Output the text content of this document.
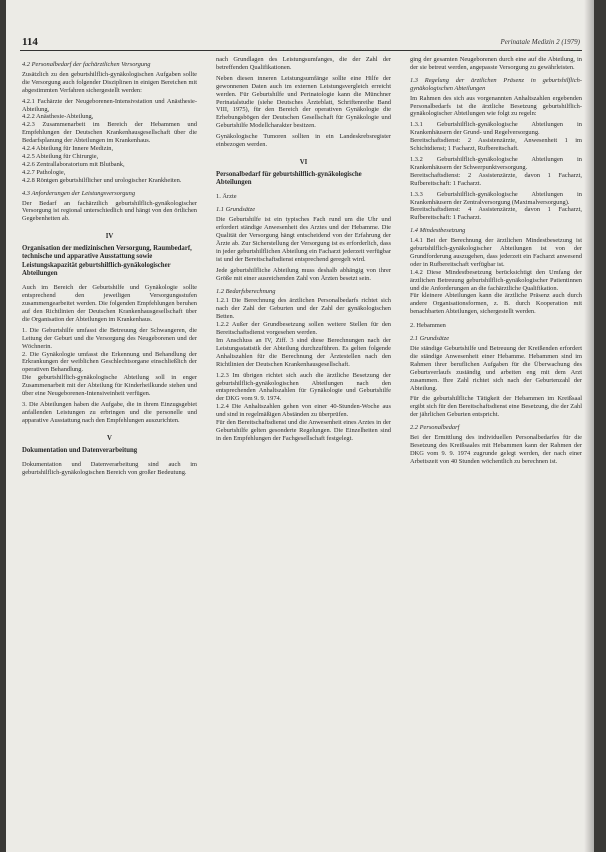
114	Perinatale Medizin 2 (1979)

4.2 Personalbedarf der fachärztlichen Versorgung

Zusätzlich zu den geburtshilflich-gynäkologischen Aufgaben sollte die Versorgung auch folgender Disziplinen in einigen Bereichen mit abgestimmten Verfahren sichergestellt werden:

4.2.1 Fachärzte der Neugeborenen-Intensivstation und Anästhesie-Abteilung,

4.2.2 Anästhesie-Abteilung,

4.2.3 Zusammenarbeit im Bereich der Hebammen und Empfehlungen der Deutschen Krankenhausgesellschaft über die Bedarfsplanung der Abteilungen im Krankenhaus.

4.2.4 Abteilung für Innere Medizin,

4.2.5 Abteilung für Chirurgie,

4.2.6 Zentrallaboratorium mit Blutbank,

4.2.7 Pathologie,

4.2.8 Röntgen geburtshilflicher und urologischer Krankheiten.

4.3 Anforderungen der Leistungsversorgung

Der Bedarf an fachärztlich geburtshilflich-gynäkologischer Versorgung ist regional unterschiedlich und hängt von den örtlichen Gegebenheiten ab.

IV

Organisation der medizinischen Versorgung, Raumbedarf, technische und apparative Ausstattung sowie Leistungskapazität geburtshilflich-gynäkologischer Abteilungen

Auch im Bereich der Geburtshilfe und Gynäkologie sollte entsprechend den jeweiligen Versorgungsstufen zusammengearbeitet werden. Die folgenden Empfehlungen beruhen auf den Richtlinien der Deutschen Krankenhausgesellschaft über die Organisation der Abteilungen im Krankenhaus.

1. Die Geburtshilfe umfasst die Betreuung der Schwangeren, die Leitung der Geburt und die Versorgung des Neugeborenen und der Wöchnerin.

2. Die Gynäkologie umfasst die Erkennung und Behandlung der Erkrankungen der weiblichen Geschlechtsorgane einschließlich der operativen Behandlung.

Die geburtshilflich-gynäkologische Abteilung soll in enger Zusammenarbeit mit der Abteilung für Kinderheilkunde stehen und über eine Neugeborenen-Intensiveinheit verfügen.

3. Die Abteilungen haben die Aufgabe, die in ihrem Einzugsgebiet anfallenden Leistungen zu erbringen und die personelle und apparative Ausstattung nach den Empfehlungen auszurichten.

V

Dokumentation und Datenverarbeitung

Dokumentation und Datenverarbeitung sind auch im geburtshilflich-gynäkologischen Bereich von großer Bedeutung.

nach Grundlagen des Leistungsumfanges, die der Zahl der betreffenden Qualifikationen.

Neben diesen inneren Leistungsumfänge sollte eine Hilfe der gewonnenen Daten auch im externen Leistungsvergleich erreicht werden. Für Geburtshilfe und Perinatologie kann die Münchner Perinatalstudie (siehe Deutsches Ärzteblatt, Schriftenreihe Band VIII, 1975), für den Bereich der operativen Gynäkologie die Erhebungsbögen der Deutschen Gesellschaft für Gynäkologie und Geburtshilfe Modellcharakter besitzen.

Gynäkologische Tumoren sollten in ein Landeskrebsregister einbezogen werden.

VI

Personalbedarf für geburtshilflich-gynäkologische Abteilungen

1. Ärzte

1.1 Grundsätze

Die Geburtshilfe ist ein typisches Fach rund um die Uhr und erfordert ständige Anwesenheit des Arztes und der Hebamme. Die Qualität der Versorgung hängt entscheidend von der Erfahrung der Ärzte ab. Zur Sicherstellung der Versorgung ist es erforderlich, dass in jeder geburtshilflichen Abteilung ein Facharzt jederzeit verfügbar ist und der Bereitschaftsdienst entsprechend geregelt wird.

Jede geburtshilfliche Abteilung muss deshalb abhängig von ihrer Größe mit einer ausreichenden Zahl von Ärzten besetzt sein.

1.2 Bedarfsberechnung

1.2.1 Die Berechnung des ärztlichen Personalbedarfs richtet sich nach der Zahl der Geburten und der Zahl der gynäkologischen Betten.

1.2.2 Außer der Grundbesetzung sollen weitere Stellen für den Bereitschaftsdienst vorgesehen werden.

Im Anschluss an IV, Ziff. 3 sind diese Berechnungen nach der Leistungsstatistik der Abteilung durchzuführen. Es gelten folgende Anhaltszahlen für die Berechnung der Ärztestellen nach den Richtlinien der Deutschen Krankenhausgesellschaft.

1.2.3 Im übrigen richtet sich auch die ärztliche Besetzung der geburtshilflich-gynäkologischen Abteilungen nach den entsprechenden Anhaltszahlen für Gynäkologie und Geburtshilfe der DKG vom 9. 9. 1974.

1.2.4 Die Anhaltszahlen gehen von einer 40-Stunden-Woche aus und sind in regelmäßigen Abständen zu überprüfen.

Für den Bereitschaftsdienst und die Anwesenheit eines Arztes in der Geburtshilfe gelten gesonderte Regelungen. Die Einzelheiten sind in den Empfehlungen der Fachgesellschaft festgelegt.

ging der gesamten Neugeborenen durch eine auf die Abteilung, in der sie betreut werden, angepasste Versorgung zu gewährleisten.

1.3 Regelung der ärztlichen Präsenz in geburtshilflich-gynäkologischen Abteilungen

Im Rahmen des sich aus vorgenannten Anhaltszahlen ergebenden Personalbedarfs ist die ärztliche Besetzung geburtshilflich-gynäkologischer Abteilungen wie folgt zu regeln:

1.3.1 Geburtshilflich-gynäkologische Abteilungen in Krankenhäusern der Grund- und Regelversorgung.

Bereitschaftsdienst: 2 Assistenzärzte, Anwesenheit 1 im Schichtdienst; 1 Facharzt, Rufbereitschaft.

1.3.2 Geburtshilflich-gynäkologische Abteilungen in Krankenhäusern der Schwerpunktversorgung.

Bereitschaftsdienst: 2 Assistenzärzte, davon 1 Facharzt, Rufbereitschaft: 1 Facharzt.

1.3.3 Geburtshilflich-gynäkologische Abteilungen in Krankenhäusern der Zentralversorgung (Maximalversorgung).

Bereitschaftsdienst: 4 Assistenzärzte, davon 1 Facharzt, Rufbereitschaft: 1 Facharzt.

1.4 Mindestbesetzung

1.4.1 Bei der Berechnung der ärztlichen Mindestbesetzung ist geburtshilflich-gynäkologischer Abteilungen ist von der Grundforderung auszugehen, dass jederzeit ein Facharzt anwesend oder in Rufbereitschaft verfügbar ist.

1.4.2 Diese Mindestbesetzung berücksichtigt den Umfang der ärztlichen Betreuung geburtshilflich-gynäkologischer Patientinnen und die Anforderungen an die fachärztliche Qualifikation.

Für kleinere Abteilungen kann die ärztliche Präsenz auch durch andere Organisationsformen, z. B. durch Kooperation mit benachbarten Abteilungen, sichergestellt werden.

2. Hebammen

2.1 Grundsätze

Die ständige Geburtshilfe und Betreuung der Kreißenden erfordert die ständige Anwesenheit einer Hebamme. Hebammen sind im Rahmen ihrer beruflichen Aufgaben für die Überwachung des Geburtsverlaufs zuständig und arbeiten eng mit dem Arzt zusammen. Ihre Zahl richtet sich nach der Geburtenzahl der Abteilung.

Für die geburtshilfliche Tätigkeit der Hebammen im Kreißsaal ergibt sich für den Bereitschaftsdienst eine Besetzung, die der Zahl der jährlichen Geburten entspricht.

2.2 Personalbedarf

Bei der Ermittlung des individuellen Personalbedarfes für die Besetzung des Kreißsaales mit Hebammen kann der Rahmen der DKG vom 9. 9. 1974 zugrunde gelegt werden, der nach einer Arbeitszeit von 40 Stunden wöchentlich zu berechnen ist.
